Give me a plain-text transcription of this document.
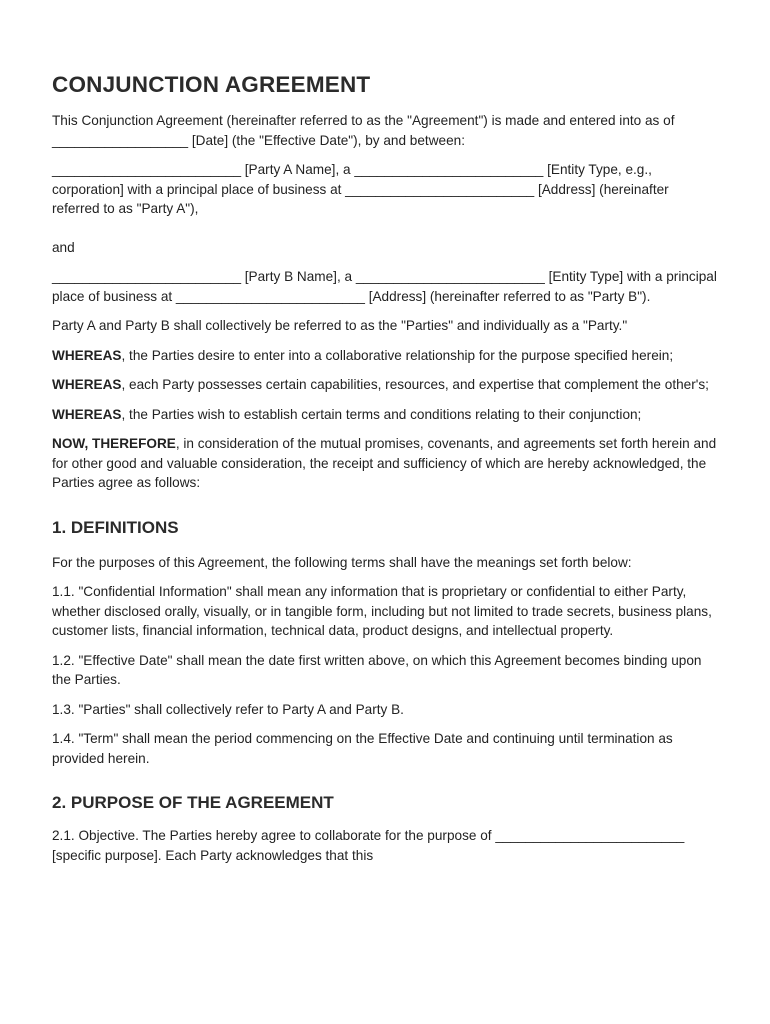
CONJUNCTION AGREEMENT

This Conjunction Agreement (hereinafter referred to as the "Agreement") is made and entered into as of __________________ [Date] (the "Effective Date"), by and between:

_________________________ [Party A Name], a _________________________ [Entity Type, e.g., corporation] with a principal place of business at _________________________ [Address] (hereinafter referred to as "Party A"),

and

_________________________ [Party B Name], a _________________________ [Entity Type] with a principal place of business at _________________________ [Address] (hereinafter referred to as "Party B").

Party A and Party B shall collectively be referred to as the "Parties" and individually as a "Party."

WHEREAS, the Parties desire to enter into a collaborative relationship for the purpose specified herein;

WHEREAS, each Party possesses certain capabilities, resources, and expertise that complement the other's;

WHEREAS, the Parties wish to establish certain terms and conditions relating to their conjunction;

NOW, THEREFORE, in consideration of the mutual promises, covenants, and agreements set forth herein and for other good and valuable consideration, the receipt and sufficiency of which are hereby acknowledged, the Parties agree as follows:

1. DEFINITIONS

For the purposes of this Agreement, the following terms shall have the meanings set forth below:

1.1. "Confidential Information" shall mean any information that is proprietary or confidential to either Party, whether disclosed orally, visually, or in tangible form, including but not limited to trade secrets, business plans, customer lists, financial information, technical data, product designs, and intellectual property.

1.2. "Effective Date" shall mean the date first written above, on which this Agreement becomes binding upon the Parties.

1.3. "Parties" shall collectively refer to Party A and Party B.

1.4. "Term" shall mean the period commencing on the Effective Date and continuing until termination as provided herein.

2. PURPOSE OF THE AGREEMENT

2.1. Objective. The Parties hereby agree to collaborate for the purpose of _________________________ [specific purpose]. Each Party acknowledges that this
